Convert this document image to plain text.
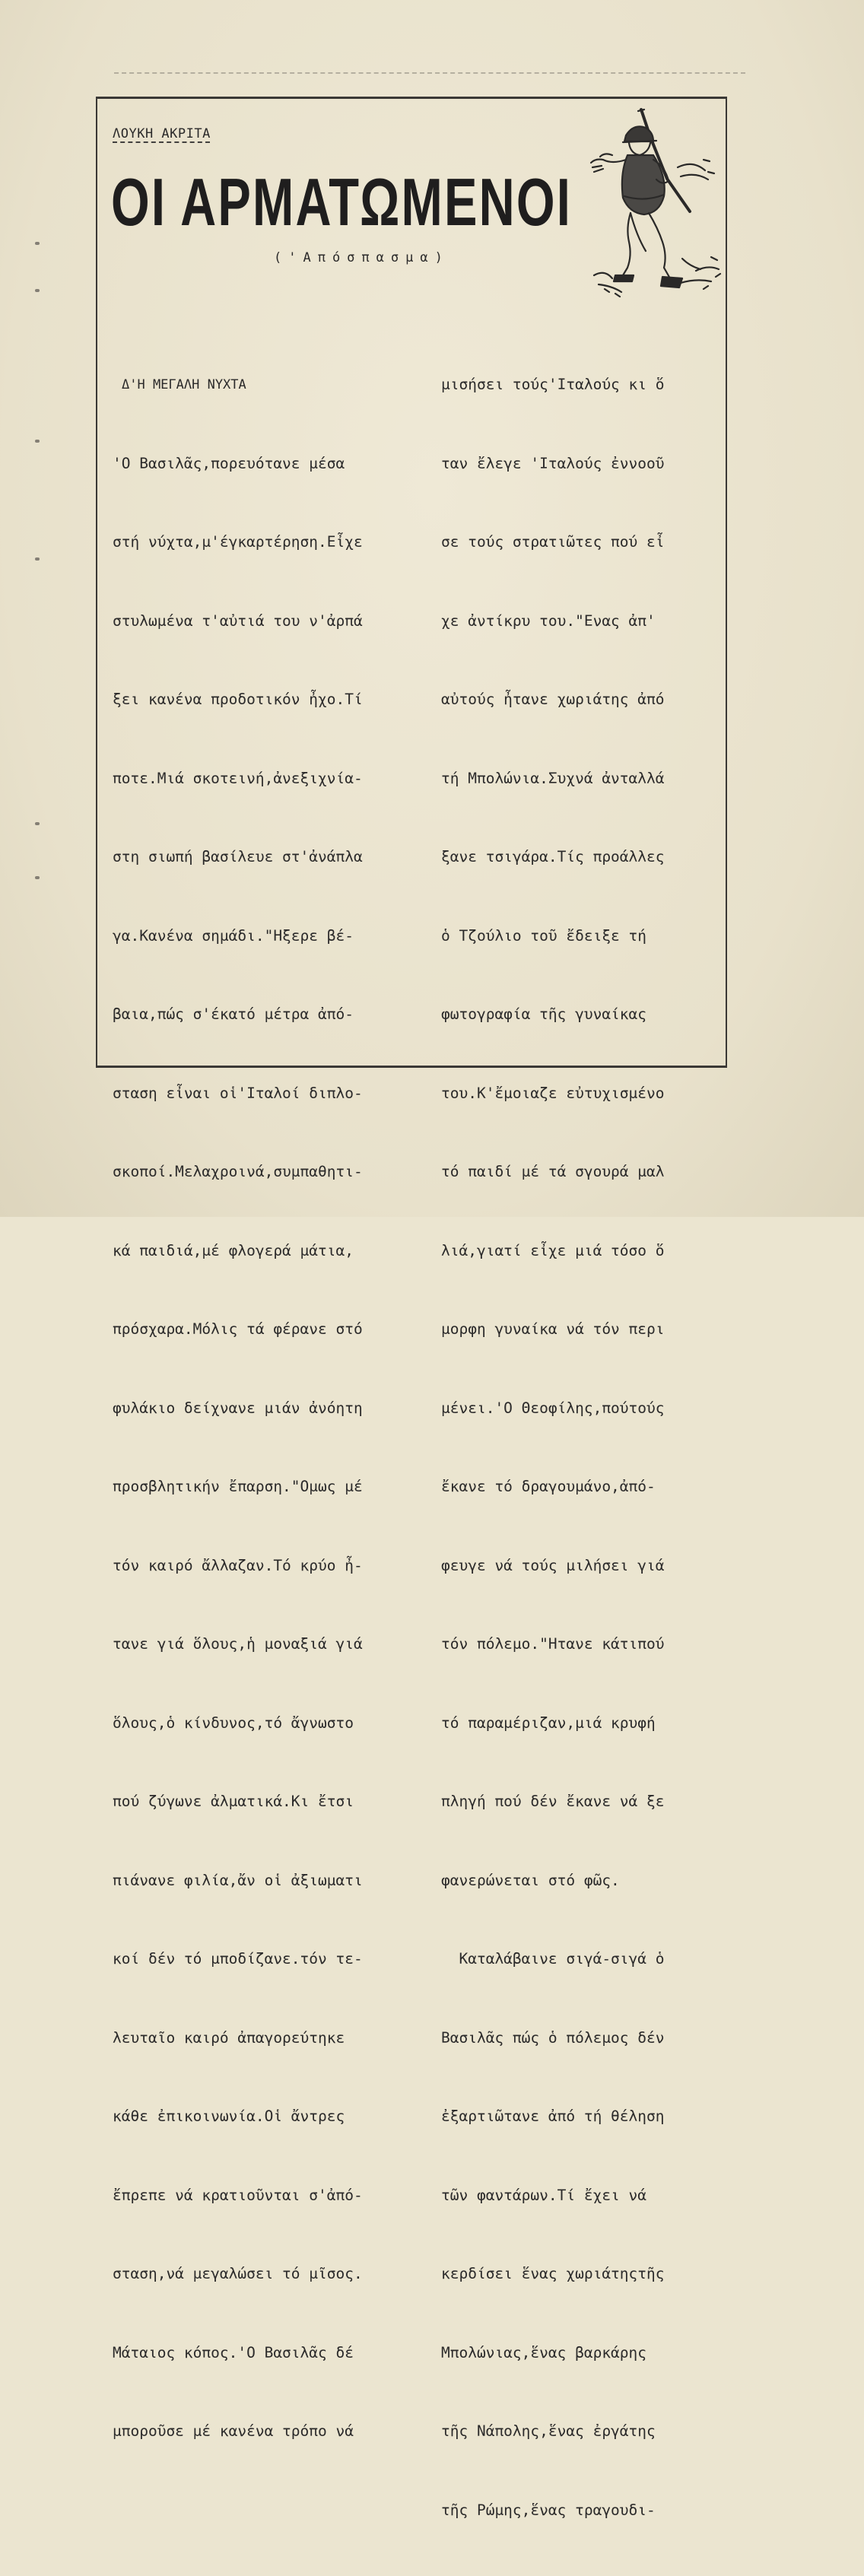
ΛΟΥΚΗ ΑΚΡΙΤΑ
ΟΙ ΑΡΜΑΤΩΜΕΝΟΙ

('Απόσπασμα)

Δ'Η ΜΕΓΑΛΗ ΝΥΧΤΑ

'Ο Βασιλᾶς,πορευότανε μέσα

στή νύχτα,μ'έγκαρτέρηση.Εἶχε

στυλωμένα τ'αὐτιά του ν'ἀρπά

ξει κανένα προδοτικόν ἦχο.Τί

ποτε.Μιά σκοτεινή,ἀνεξιχνία-

στη σιωπή βασίλευε στ'ἀνάπλα

γα.Κανένα σημάδι."Ηξερε βέ-

βαια,πώς σ'έκατό μέτρα ἀπό-

σταση εἶναι οἱ'Ιταλοί διπλο-

σκοποί.Μελαχροινά,συμπαθητι-

κά παιδιά,μέ φλογερά μάτια,

πρόσχαρα.Μόλις τά φέρανε στό

φυλάκιο δείχνανε μιάν ἀνόητη

προσβλητικήν ἔπαρση."Ομως μέ

τόν καιρό ἄλλαζαν.Τό κρύο ἦ-

τανε γιά ὅλους,ἡ μοναξιά γιά

ὅλους,ὁ κίνδυνος,τό ἄγνωστο

πού ζύγωνε ἀλματικά.Κι ἔτσι

πιάνανε φιλία,ἄν οἱ ἀξιωματι

κοί δέν τό μποδίζανε.τόν τε-

λευταῖο καιρό ἀπαγορεύτηκε

κάθε ἐπικοινωνία.Οἱ ἄντρες

ἔπρεπε νά κρατιοῦνται σ'ἀπό-

σταση,νά μεγαλώσει τό μῖσος.

Μάταιος κόπος.'Ο Βασιλᾶς δέ

μποροῦσε μέ κανένα τρόπο νά

μισήσει τούς'Ιταλούς κι ὅ

ταν ἔλεγε 'Ιταλούς ἐννοοῦ

σε τούς στρατιῶτες πού εἶ

χε ἀντίκρυ του."Ενας ἀπ'

αὐτούς ἦτανε χωριάτης ἀπό

τή Μπολώνια.Συχνά ἀνταλλά

ξανε τσιγάρα.Τίς προάλλες

ὁ Τζούλιο τοῦ ἔδειξε τή

φωτογραφία τῆς γυναίκας

του.Κ'ἔμοιαζε εὐτυχισμένο

τό παιδί μέ τά σγουρά μαλ

λιά,γιατί εἶχε μιά τόσο ὅ

μορφη γυναίκα νά τόν περι

μένει.'Ο Θεοφίλης,πούτούς

ἔκανε τό δραγουμάνο,ἀπό-

φευγε νά τούς μιλήσει γιά

τόν πόλεμο."Ητανε κάτιπού

τό παραμέριζαν,μιά κρυφή

πληγή πού δέν ἔκανε νά ξε

φανερώνεται στό φῶς.

Καταλάβαινε σιγά-σιγά ὁ

Βασιλᾶς πώς ὁ πόλεμος δέν

ἐξαρτιῶτανε ἀπό τή θέληση

τῶν φαντάρων.Τί ἔχει νά

κερδίσει ἕνας χωριάτηςτῆς

Μπολώνιας,ἕνας βαρκάρης

τῆς Νάπολης,ἕνας ἐργάτης

τῆς Ρώμης,ἕνας τραγουδι-
